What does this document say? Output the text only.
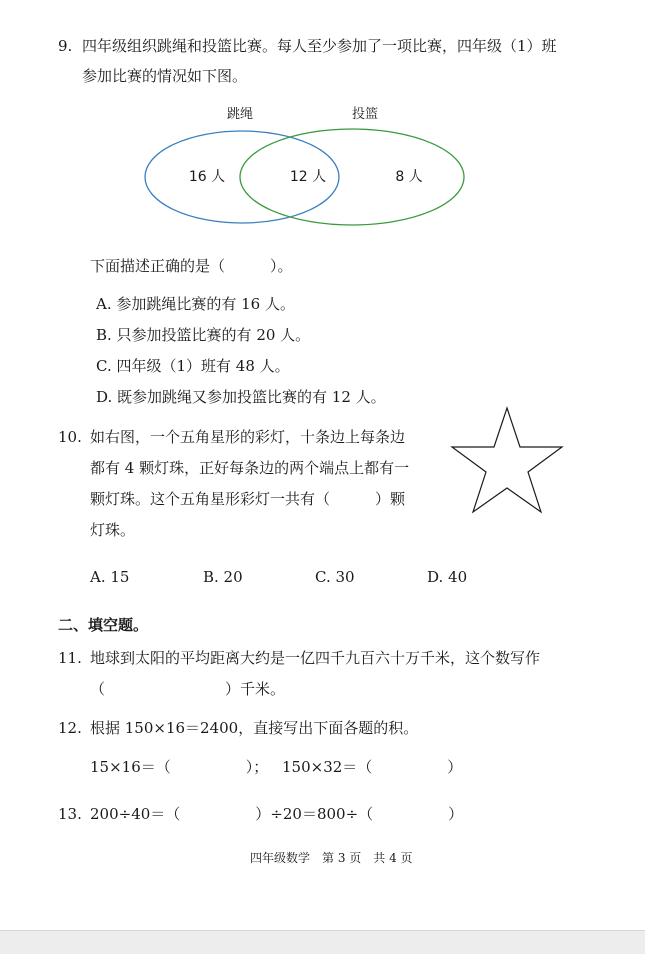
9. 四年级组织跳绳和投篮比赛。每人至少参加了一项比赛，四年级（1）班
参加比赛的情况如下图。
跳绳	投篮
16 人	12 人	8 人
下面描述正确的是（　　　）。
A. 参加跳绳比赛的有 16 人。
B. 只参加投篮比赛的有 20 人。
C. 四年级（1）班有 48 人。
D. 既参加跳绳又参加投篮比赛的有 12 人。
10. 如右图，一个五角星形的彩灯，十条边上每条边
都有 4 颗灯珠，正好每条边的两个端点上都有一
颗灯珠。这个五角星形彩灯一共有（　　　）颗
灯珠。
A. 15	B. 20	C. 30	D. 40
二、填空题。
11. 地球到太阳的平均距离大约是一亿四千九百六十万千米，这个数写作
（　　　　　　　　）千米。
12. 根据 150×16＝2400，直接写出下面各题的积。
15×16＝（　　　　　）； 150×32＝（　　　　　）
13. 200÷40＝（　　　　　）÷20＝800÷（　　　　　）
四年级数学　第 3 页　共 4 页
